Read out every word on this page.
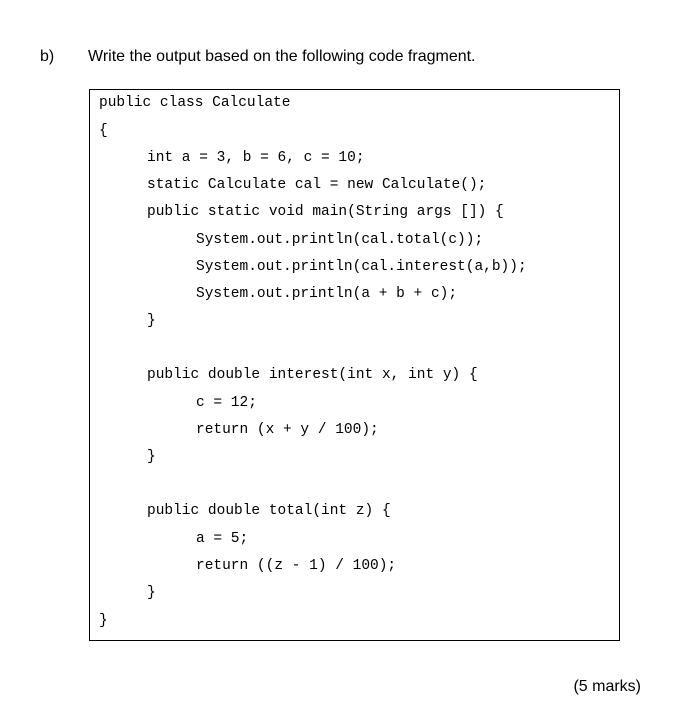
b) Write the output based on the following code fragment.
public class Calculate
{
int a = 3, b = 6, c = 10;
static Calculate cal = new Calculate();
public static void main(String args []) {
System.out.println(cal.total(c));
System.out.println(cal.interest(a,b));
System.out.println(a + b + c);
}
public double interest(int x, int y) {
c = 12;
return (x + y / 100);
}
public double total(int z) {
a = 5;
return ((z - 1) / 100);
}
}
(5 marks)
